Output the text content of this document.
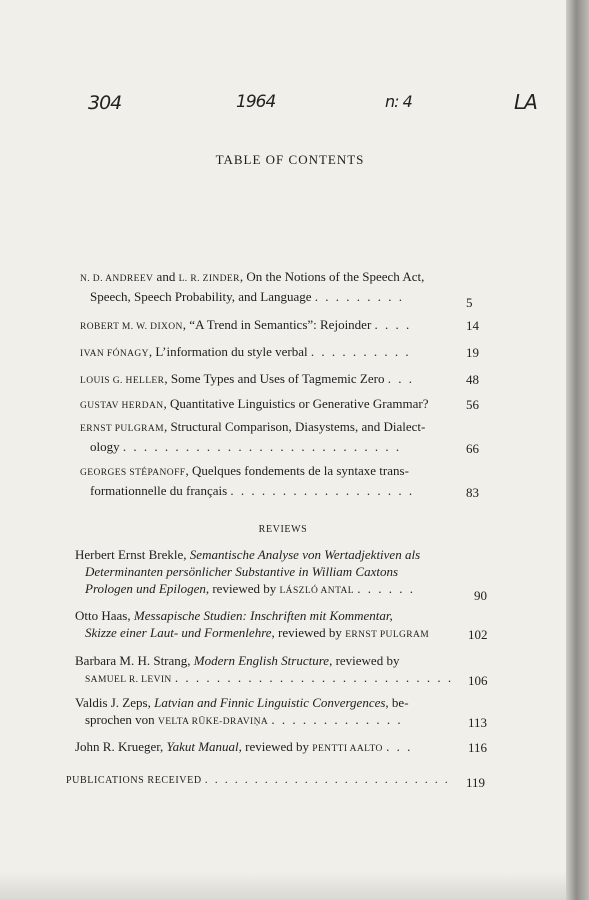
304	1964	n: 4	LA
TABLE OF CONTENTS
N. D. ANDREEV and L. R. ZINDER, On the Notions of the Speech Act,
Speech, Speech Probability, and Language . . . . . . . . .	5
ROBERT M. W. DIXON, “A Trend in Semantics”: Rejoinder . . . .	14
IVAN FÓNAGY, L’information du style verbal . . . . . . . . . .	19
LOUIS G. HELLER, Some Types and Uses of Tagmemic Zero . . .	48
GUSTAV HERDAN, Quantitative Linguistics or Generative Grammar?	56
ERNST PULGRAM, Structural Comparison, Diasystems, and Dialect-
ology . . . . . . . . . . . . . . . . . . . . . . . . . . .	66
GEORGES STÉPANOFF, Quelques fondements de la syntaxe trans-
formationnelle du français . . . . . . . . . . . . . . . . . .	83
REVIEWS
Herbert Ernst Brekle, Semantische Analyse von Wertadjektiven als
Determinanten persönlicher Substantive in William Caxtons
Prologen und Epilogen, reviewed by LÁSZLÓ ANTAL . . . . . .	90
Otto Haas, Messapische Studien: Inschriften mit Kommentar,
Skizze einer Laut- und Formenlehre, reviewed by ERNST PULGRAM	102
Barbara M. H. Strang, Modern English Structure, reviewed by
SAMUEL R. LEVIN . . . . . . . . . . . . . . . . . . . . . . . . . . .	106
Valdis J. Zeps, Latvian and Finnic Linguistic Convergences, be-
sprochen von VELTA RŪKE-DRAVIŅA . . . . . . . . . . . . .	113
John R. Krueger, Yakut Manual, reviewed by PENTTI AALTO . . .	116
PUBLICATIONS RECEIVED . . . . . . . . . . . . . . . . . . . . . . . . . 119
